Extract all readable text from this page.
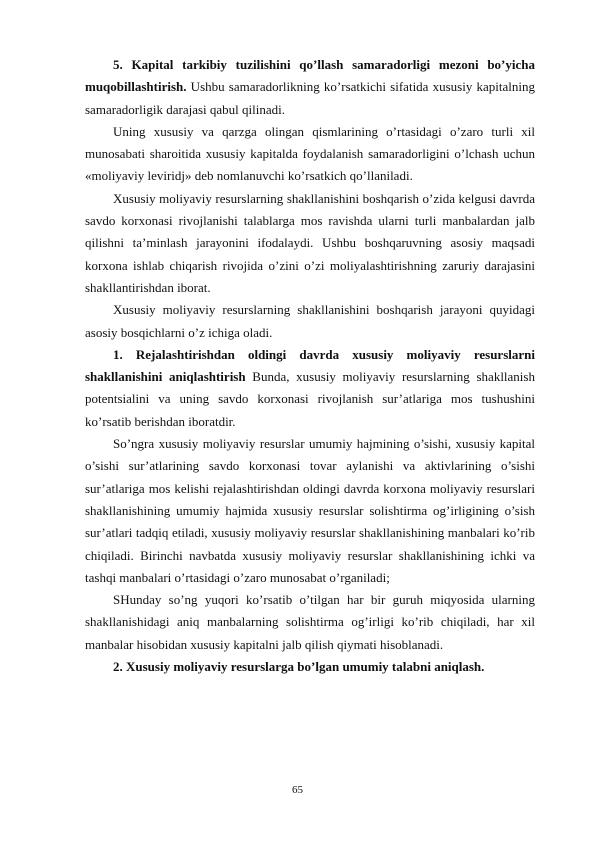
5. Kapital tarkibiy tuzilishini qo’llash samaradorligi mezoni bo’yicha muqobillashtirish. Ushbu samaradorlikning ko’rsatkichi sifatida xususiy kapitalning samaradorligik darajasi qabul qilinadi.

Uning xususiy va qarzga olingan qismlarining o’rtasidagi o’zaro turli xil munosabati sharoitida xususiy kapitalda foydalanish samaradorligini o’lchash uchun «moliyaviy leviridj» deb nomlanuvchi ko’rsatkich qo’llaniladi.

Xususiy moliyaviy resurslarning shakllanishini boshqarish o’zida kelgusi davrda savdo korxonasi rivojlanishi talablarga mos ravishda ularni turli manbalardan jalb qilishni ta’minlash jarayonini ifodalaydi. Ushbu boshqaruvning asosiy maqsadi korxona ishlab chiqarish rivojida o’zini o’zi moliyalashtirishning zaruriy darajasini shakllantirishdan iborat.

Xususiy moliyaviy resurslarning shakllanishini boshqarish jarayoni quyidagi asosiy bosqichlarni o’z ichiga oladi.

1. Rejalashtirishdan oldingi davrda xususiy moliyaviy resurslarni shakllanishini aniqlashtirish Bunda, xususiy moliyaviy resurslarning shakllanish potentsialini va uning savdo korxonasi rivojlanish sur’atlariga mos tushushini ko’rsatib berishdan iboratdir.

So’ngra xususiy moliyaviy resurslar umumiy hajmining o’sishi, xususiy kapital o’sishi sur’atlarining savdo korxonasi tovar aylanishi va aktivlarining o’sishi sur’atlariga mos kelishi rejalashtirishdan oldingi davrda korxona moliyaviy resurslari shakllanishining umumiy hajmida xususiy resurslar solishtirma og’irligining o’sish sur’atlari tadqiq etiladi, xususiy moliyaviy resurslar shakllanishining manbalari ko’rib chiqiladi. Birinchi navbatda xususiy moliyaviy resurslar shakllanishining ichki va tashqi manbalari o’rtasidagi o’zaro munosabat o’rganiladi;

SHunday so’ng yuqori ko’rsatib o’tilgan har bir guruh miqyosida ularning shakllanishidagi aniq manbalarning solishtirma og’irligi ko’rib chiqiladi, har xil manbalar hisobidan xususiy kapitalni jalb qilish qiymati hisoblanadi.

2. Xususiy moliyaviy resurslarga bo’lgan umumiy talabni aniqlash.

65
